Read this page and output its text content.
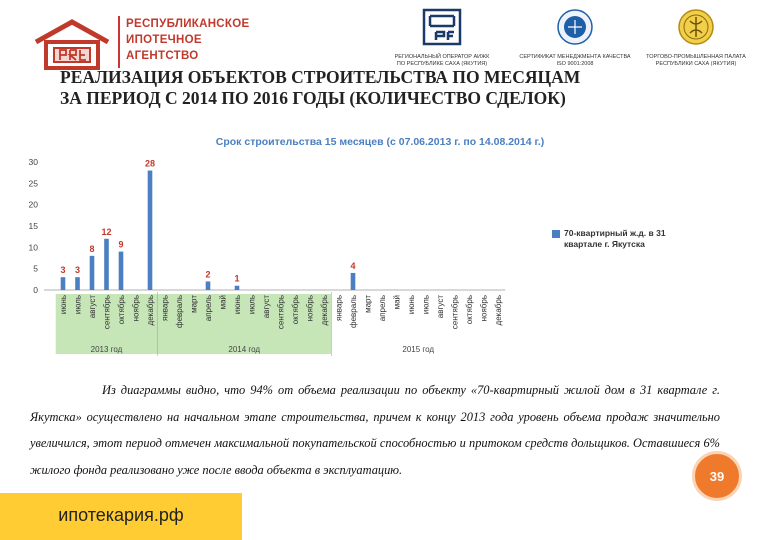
РЕСПУБЛИКАНСКОЕ
ИПОТЕЧНОЕ
АГЕНТСТВО	РЕГИОНАЛЬНЫЙ ОПЕРАТОР АИЖК
ПО РЕСПУБЛИКЕ САХА (ЯКУТИЯ)
СЕРТИФИКАТ МЕНЕДЖМЕНТА КАЧЕСТВА
ISO 9001:2008
ТОРГОВО-ПРОМЫШЛЕННАЯ ПАЛАТА
РЕСПУБЛИКИ САХА (ЯКУТИЯ)
РЕАЛИЗАЦИЯ ОБЪЕКТОВ СТРОИТЕЛЬСТВА ПО МЕСЯЦАМ
ЗА ПЕРИОД С 2014 ПО 2016 ГОДЫ (КОЛИЧЕСТВО СДЕЛОК)
Срок строительства 15 месяцев (с 07.06.2013 г. по 14.08.2014 г.)
0
5
10
15
20
25
30
3 3
8
12
9
28
2	1
4
июнь июль август сентябрь октябрь ноябрь декабрь январь февраль март апрель май июнь июль август сентябрь октябрь ноябрь декабрь январь февраль март апрель май июнь июль август сентябрь октябрь ноябрь декабрь
2013 год	2014 год	2015 год
70-квартирный ж.д. в 31 квартале г. Якутска
Из диаграммы видно, что 94% от объема реализации по объекту «70-квартирный жилой дом в 31 квартале г. Якутска» осуществлено на начальном этапе строительства, причем к концу 2013 года уровень объема продаж значительно увеличился, этот период отмечен максимальной покупательской способностью и притоком средств дольщиков. Оставшиеся 6% жилого фонда реализовано уже после ввода объекта в эксплуатацию.	39
ипотекария.рф
